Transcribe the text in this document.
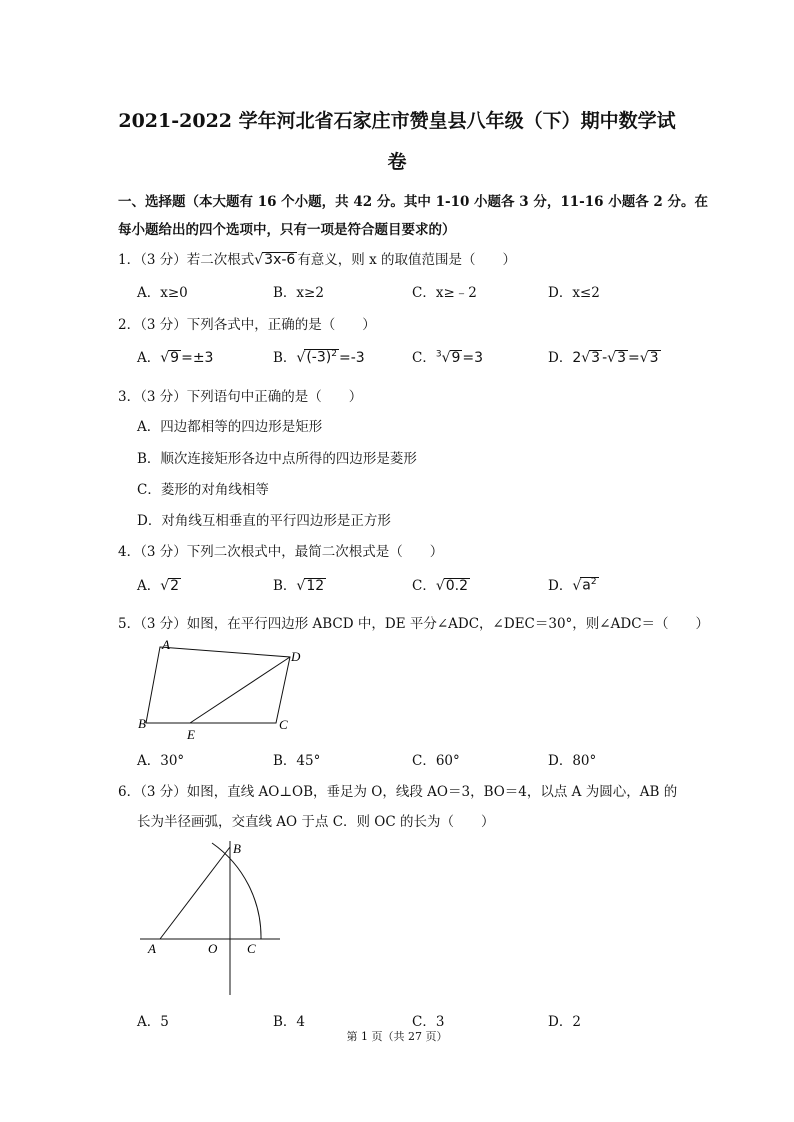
2021-2022 学年河北省石家庄市赞皇县八年级（下）期中数学试
卷
一、选择题（本大题有 16 个小题，共 42 分。其中 1-10 小题各 3 分，11-16 小题各 2 分。在
每小题给出的四个选项中，只有一项是符合题目要求的）
1．（3 分）若二次根式√3x-6 有意义，则 x 的取值范围是（　　）
A．x≥0	B．x≥2	C．x≥﹣2	D．x≤2
2．（3 分）下列各式中，正确的是（　　）
A．√9 =±3	B．$√(-3)^2 =-3$	C．$^3$√9 =3	D．2√3 -√3 =√3
3．（3 分）下列语句中正确的是（　　）
A．四边都相等的四边形是矩形
B．顺次连接矩形各边中点所得的四边形是菱形
C．菱形的对角线相等
D．对角线互相垂直的平行四边形是正方形
4．（3 分）下列二次根式中，最简二次根式是（　　）
A．√2	B．√12	C．√0.2	D．$√a^2$
5．（3 分）如图，在平行四边形 ABCD 中，DE 平分∠ADC，∠DEC＝30°，则∠ADC＝（　　）
A
B	C
D
E
A．30°	B．45°	C．60°	D．80°
6．（3 分）如图，直线 AO⊥OB，垂足为 O，线段 AO＝3，BO＝4，以点 A 为圆心，AB 的
长为半径画弧，交直线 AO 于点 C．则 OC 的长为（　　）
B
A	O C
A．5	B．4	C．3	D．2
第 1 页（共 27 页）
